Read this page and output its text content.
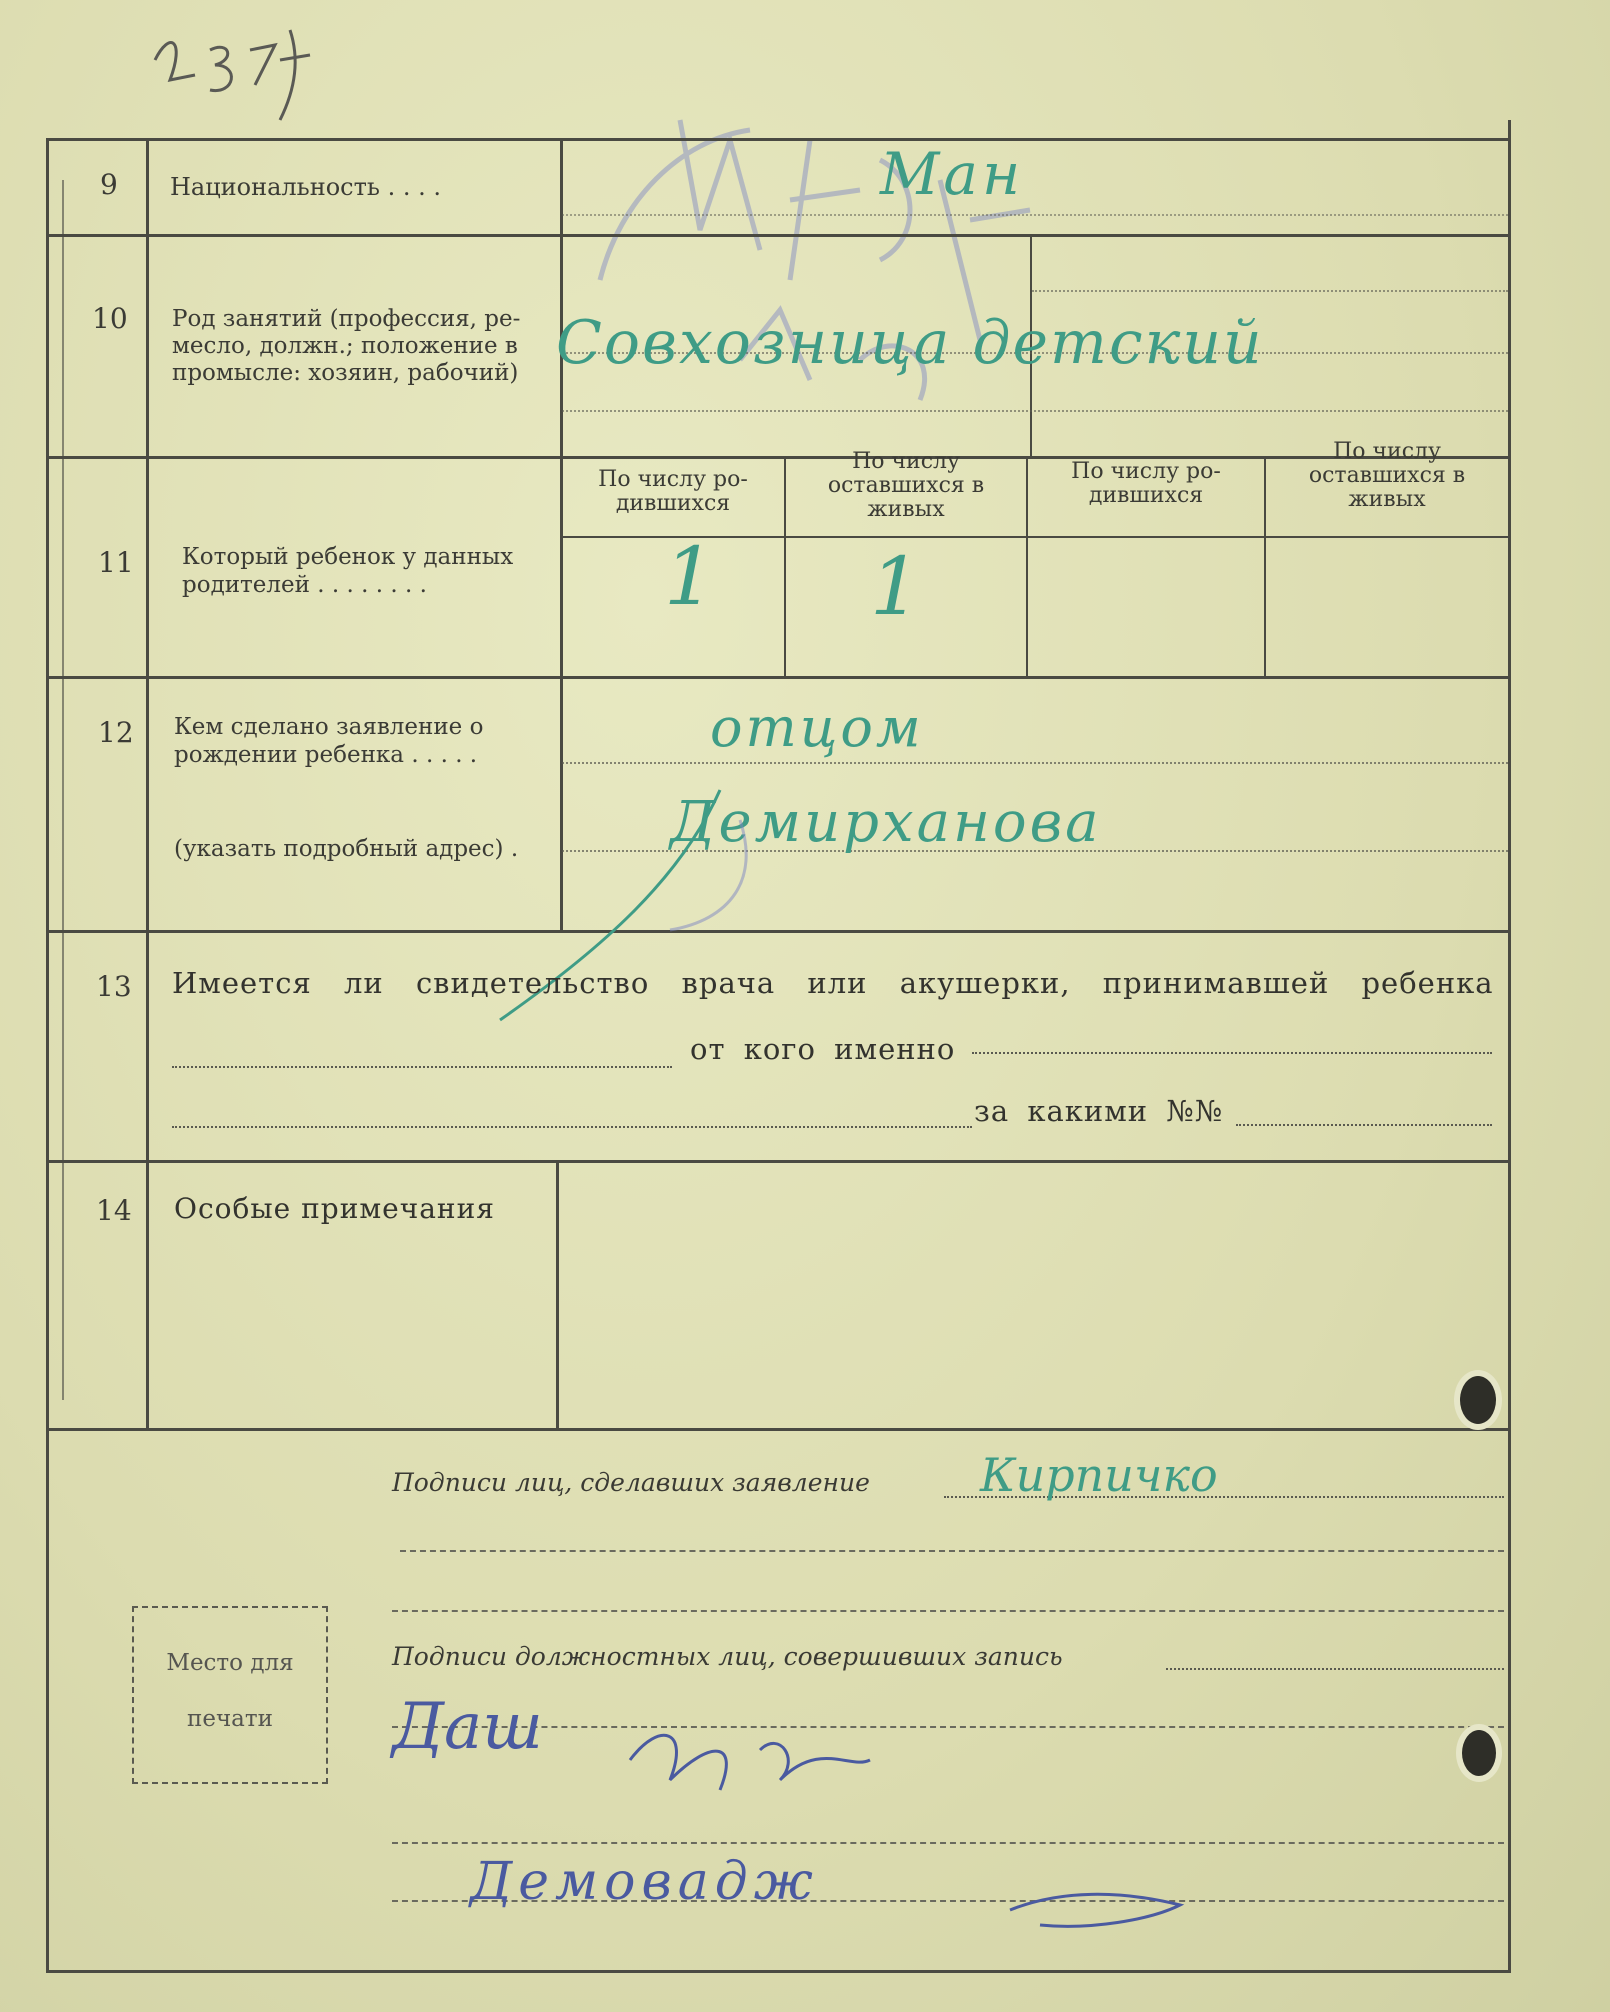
9 Национальность . . . .	Ман
10 Род занятий (профессия, ре-
месло, должн.; положение в
промысле: хозяин, рабочий) Совхозница детский
11 Который ребенок у данных
родителей . . . . . . . .
По числу ро-
дившихся
По числу
оставшихся в
живых
По числу ро-
дившихся
По числу
оставшихся в
живых
1 1
12 Кем сделано заявление о
рождении ребенка . . . . .
(указать подробный адрес) .
отцом
Демирханова
13 Имеется ли свидетельство врача или акушерки, принимавшей ребенка
от кого именно
за какими №№
14 Особые примечания
Подписи лиц, сделавших заявление Кирпичко
Подписи должностных лиц, совершивших запись
Даш
Демовадж
Место для
печати
